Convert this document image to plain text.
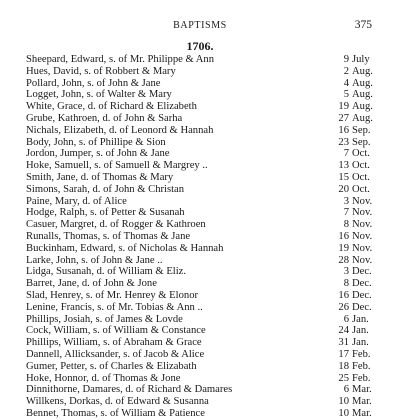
BAPTISMS	375
1706.
Sheepard, Edward, s. of Mr. Philippe & Ann	9 July
Hues, David, s. of Robbert & Mary	2 Aug.
Pollard, John, s. of John & Jane	4 Aug.
Logget, John, s. of Walter & Mary	5 Aug.
White, Grace, d. of Richard & Elizabeth	19 Aug.
Grube, Kathroen, d. of John & Sarha	27 Aug.
Nichals, Elizabeth, d. of Leonord & Hannah	16 Sep.
Body, John, s. of Phillipe & Sion	23 Sep.
Jordon, Jumper, s. of John & Jane	7 Oct.
Hoke, Samuell, s. of Samuell & Margrey ..	13 Oct.
Smith, Jane, d. of Thomas & Mary	15 Oct.
Simons, Sarah, d. of John & Christan	20 Oct.
Paine, Mary, d. of Alice	3 Nov.
Hodge, Ralph, s. of Petter & Susanah	7 Nov.
Casuer, Margret, d. of Rogger & Kathroen	8 Nov.
Runalls, Thomas, s. of Thomas & Jane	16 Nov.
Buckinham, Edward, s. of Nicholas & Hannah	19 Nov.
Larke, John, s. of John & Jane ..	28 Nov.
Lidga, Susanah, d. of William & Eliz.	3 Dec.
Barret, Jane, d. of John & Jone	8 Dec.
Slad, Henrey, s. of Mr. Henrey & Elonor	16 Dec.
Lenine, Francis, s. of Mr. Tobias & Ann ..	26 Dec.
Phillips, Josiah, s. of James & Lovde	6 Jan.
Cock, William, s. of William & Constance	24 Jan.
Phillips, William, s. of Abraham & Grace	31 Jan.
Dannell, Allicksander, s. of Jacob & Alice	17 Feb.
Gumer, Petter, s. of Charles & Elizabath	18 Feb.
Hoke, Honnor, d. of Thomas & Jone	25 Feb.
Dinnithorne, Damares, d. of Richard & Damares	6 Mar.
Willkens, Dorkas, d. of Edward & Susanna	10 Mar.
Bennet, Thomas, s. of William & Patience	10 Mar.
